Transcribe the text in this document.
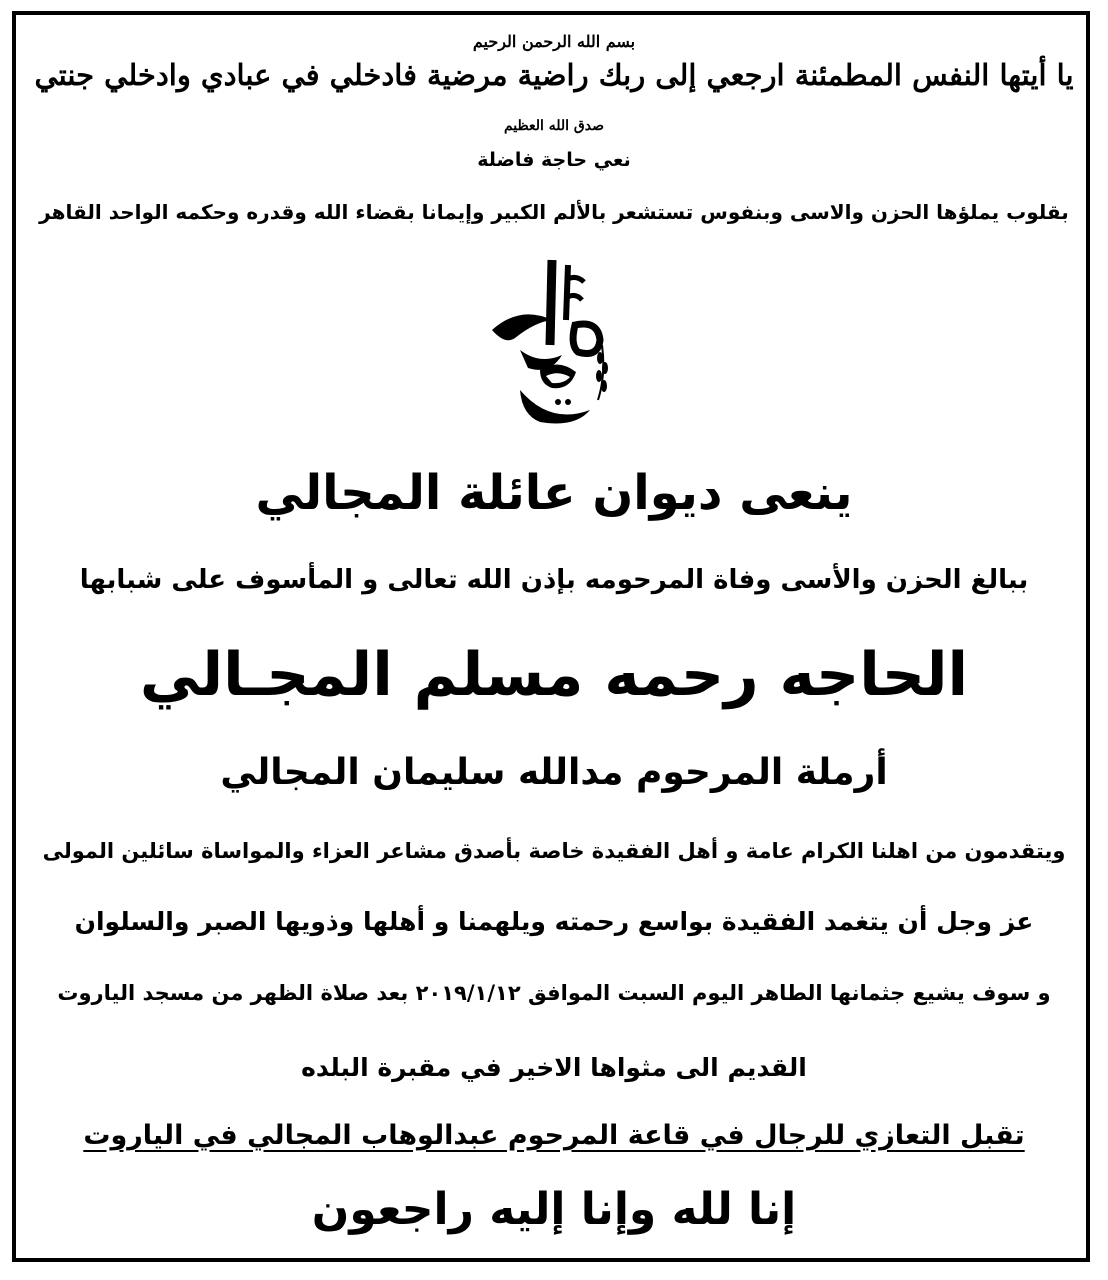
بسم الله الرحمن الرحيم
يا أيتها النفس المطمئنة ارجعي إلى ربك راضية مرضية فادخلي في عبادي وادخلي جنتي
صدق الله العظيم
نعي حاجة فاضلة
بقلوب يملؤها الحزن والاسى وبنفوس تستشعر بالألم الكبير وإيمانا بقضاء الله وقدره وحكمه الواحد القاهر
ينعى ديوان عائلة المجالي
ببالغ الحزن والأسى وفاة المرحومه بإذن الله تعالى و المأسوف على شبابها
الحاجه رحمه مسلم المجـالي
أرملة المرحوم مدالله سليمان المجالي
ويتقدمون من اهلنا الكرام عامة و أهل الفقيدة خاصة بأصدق مشاعر العزاء والمواساة سائلين المولى
عز وجل أن يتغمد الفقيدة بواسع رحمته ويلهمنا و أهلها وذويها الصبر والسلوان
و سوف يشيع جثمانها الطاهر اليوم السبت الموافق ٢٠١٩/١/١٢ بعد صلاة الظهر من مسجد الياروت
القديم الى مثواها الاخير في مقبرة البلده
تقبل التعازي للرجال في قاعة المرحوم عبدالوهاب المجالي في الياروت
إنا لله وإنا إليه راجعون
